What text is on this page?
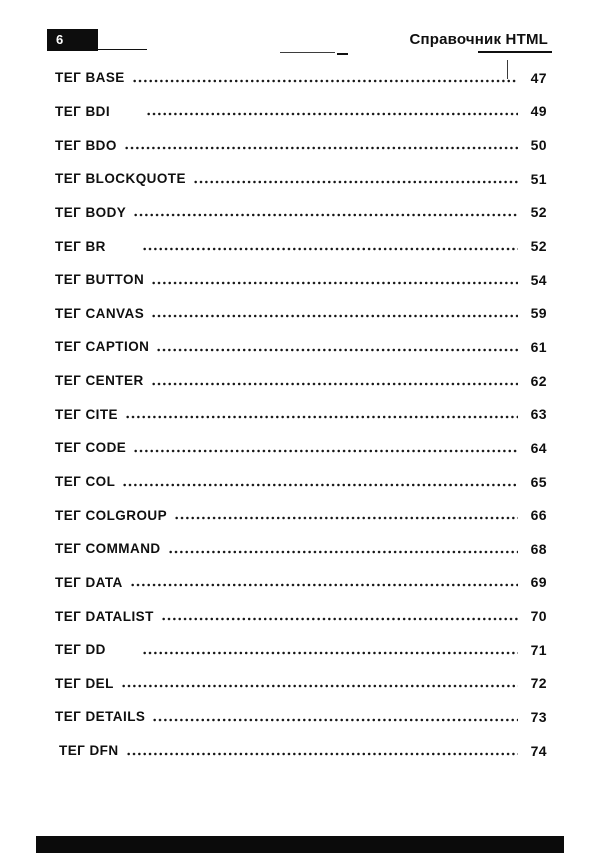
6	Справочник HTML
ТЕГ BASE	47
ТЕГ BDI	49
ТЕГ BDO	50
ТЕГ BLOCKQUOTE	51
ТЕГ BODY	52
ТЕГ BR	52
ТЕГ BUTTON	54
ТЕГ CANVAS	59
ТЕГ CAPTION	61
ТЕГ CENTER	62
ТЕГ CITE	63
ТЕГ CODE	64
ТЕГ COL	65
ТЕГ COLGROUP	66
ТЕГ COMMAND	68
ТЕГ DATA	69
ТЕГ DATALIST	70
ТЕГ DD	71
ТЕГ DEL	72
ТЕГ DETAILS	73
ТЕГ DFN	74
